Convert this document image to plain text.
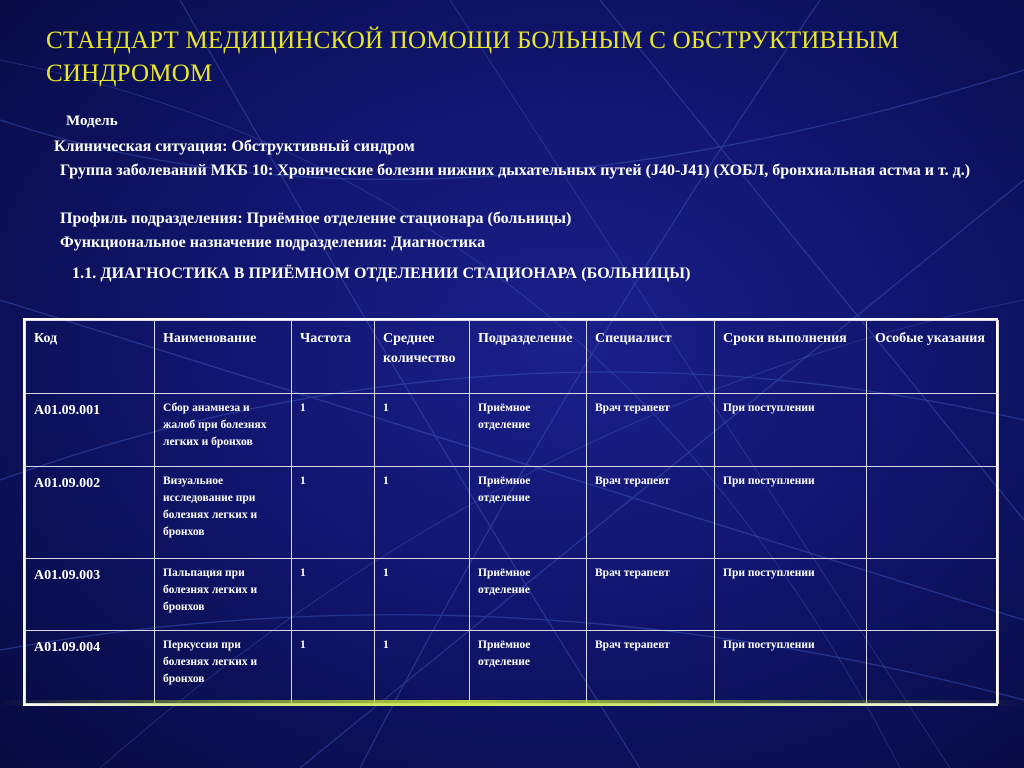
СТАНДАРТ МЕДИЦИНСКОЙ ПОМОЩИ БОЛЬНЫМ С ОБСТРУКТИВНЫМ СИНДРОМОМ
Модель
Клиническая ситуация: Обструктивный синдром
Группа заболеваний МКБ 10: Хронические болезни нижних дыхательных путей (J40-J41) (ХОБЛ, бронхиальная астма и т. д.)
Профиль подразделения: Приёмное отделение стационара (больницы)
Функциональное назначение подразделения: Диагностика
1.1. ДИАГНОСТИКА В ПРИЁМНОМ ОТДЕЛЕНИИ СТАЦИОНАРА (БОЛЬНИЦЫ)
Код	Наименование	Частота	Среднее количество	Подразделение	Специалист	Сроки выполнения	Особые указания
A01.09.001	Сбор анамнеза и жалоб при болезнях легких и бронхов	1	1	Приёмное отделение	Врач терапевт	При поступлении	
A01.09.002	Визуальное исследование при болезнях легких и бронхов	1	1	Приёмное отделение	Врач терапевт	При поступлении	
A01.09.003	Пальпация при болезнях легких и бронхов	1	1	Приёмное отделение	Врач терапевт	При поступлении	
A01.09.004	Перкуссия при болезнях легких и бронхов	1	1	Приёмное отделение	Врач терапевт	При поступлении	
